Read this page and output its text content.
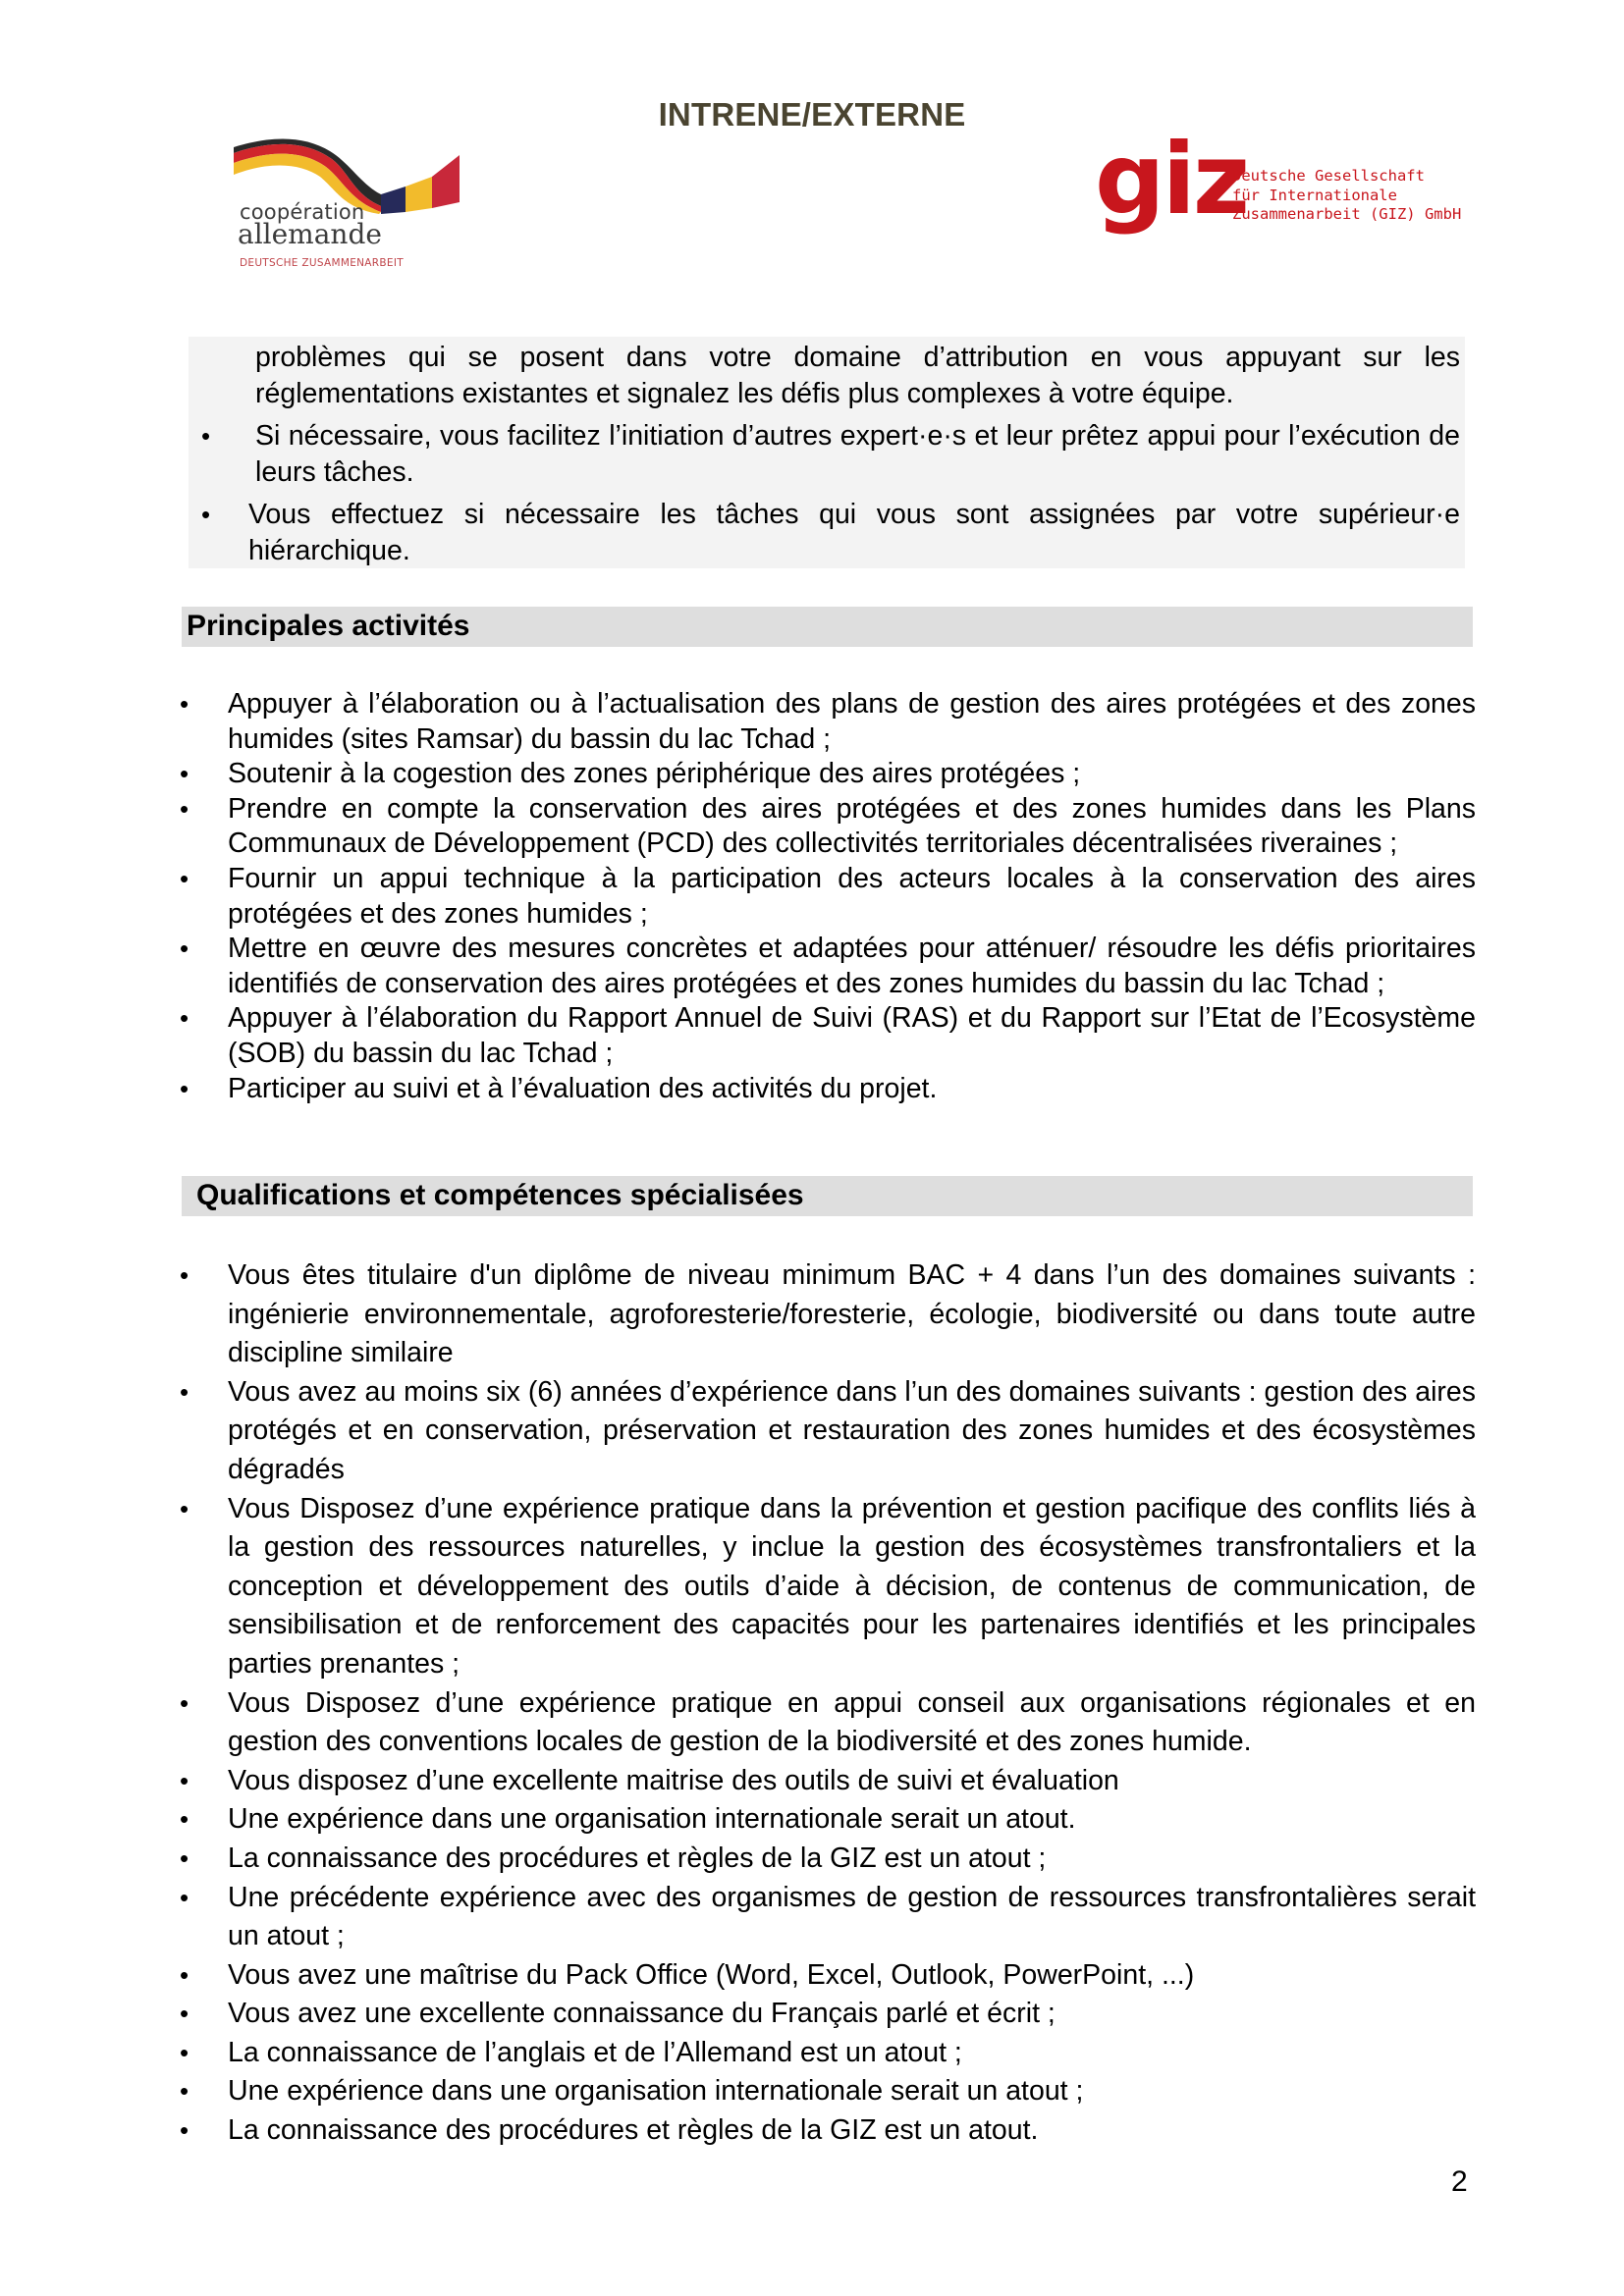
INTRENE/EXTERNE
coopération
allemande
DEUTSCHE ZUSAMMENARBEIT
giz
Deutsche Gesellschaft
für Internationale
Zusammenarbeit (GIZ) GmbH
problèmes qui se posent dans votre domaine d’attribution en vous appuyant sur les réglementations existantes et signalez les défis plus complexes à votre équipe.
• Si nécessaire, vous facilitez l’initiation d’autres expert·e·s et leur prêtez appui pour l’exécution de leurs tâches.
• Vous effectuez si nécessaire les tâches qui vous sont assignées par votre supérieur·e hiérarchique.
Principales activités
• Appuyer à l’élaboration ou à l’actualisation des plans de gestion des aires protégées et des zones humides (sites Ramsar) du bassin du lac Tchad ;
• Soutenir à la cogestion des zones périphérique des aires protégées ;
• Prendre en compte la conservation des aires protégées et des zones humides dans les Plans Communaux de Développement (PCD) des collectivités territoriales décentralisées riveraines ;
• Fournir un appui technique à la participation des acteurs locales à la conservation des aires protégées et des zones humides ;
• Mettre en œuvre des mesures concrètes et adaptées pour atténuer/ résoudre les défis prioritaires identifiés de conservation des aires protégées et des zones humides du bassin du lac Tchad ;
• Appuyer à l’élaboration du Rapport Annuel de Suivi (RAS) et du Rapport sur l’Etat de l’Ecosystème (SOB) du bassin du lac Tchad ;
• Participer au suivi et à l’évaluation des activités du projet.
Qualifications et compétences spécialisées
• Vous êtes titulaire d'un diplôme de niveau minimum BAC + 4 dans l’un des domaines suivants : ingénierie environnementale, agroforesterie/foresterie, écologie, biodiversité ou dans toute autre discipline similaire
• Vous avez au moins six (6) années d’expérience dans l’un des domaines suivants : gestion des aires protégés et en conservation, préservation et restauration des zones humides et des écosystèmes dégradés
• Vous Disposez d’une expérience pratique dans la prévention et gestion pacifique des conflits liés à la gestion des ressources naturelles, y inclue la gestion des écosystèmes transfrontaliers et la conception et développement des outils d’aide à décision, de contenus de communication, de sensibilisation et de renforcement des capacités pour les partenaires identifiés et les principales parties prenantes ;
• Vous Disposez d’une expérience pratique en appui conseil aux organisations régionales et en gestion des conventions locales de gestion de la biodiversité et des zones humide.
• Vous disposez d’une excellente maitrise des outils de suivi et évaluation
• Une expérience dans une organisation internationale serait un atout.
• La connaissance des procédures et règles de la GIZ est un atout ;
• Une précédente expérience avec des organismes de gestion de ressources transfrontalières serait un atout ;
• Vous avez une maîtrise du Pack Office (Word, Excel, Outlook, PowerPoint, ...)
• Vous avez une excellente connaissance du Français parlé et écrit ;
• La connaissance de l’anglais et de l’Allemand est un atout ;
• Une expérience dans une organisation internationale serait un atout ;
• La connaissance des procédures et règles de la GIZ est un atout.
2
